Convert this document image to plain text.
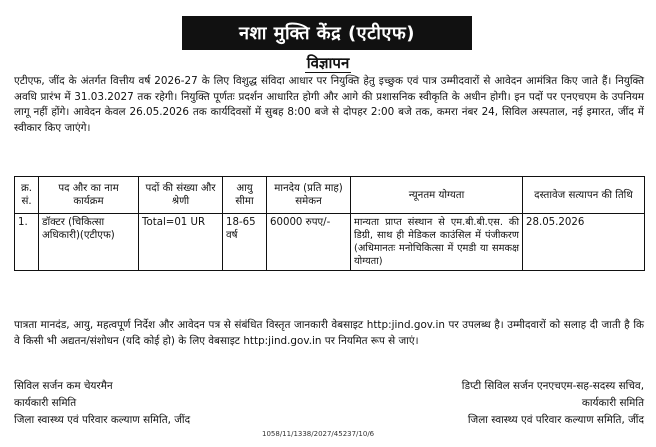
नशा मुक्ति केंद्र (एटीएफ)
विज्ञापन

एटीएफ, जींद के अंतर्गत वित्तीय वर्ष 2026-27 के लिए विशुद्ध संविदा आधार पर नियुक्ति हेतु इच्छुक एवं पात्र उम्मीदवारों से आवेदन आमंत्रित किए जाते हैं। नियुक्ति अवधि प्रारंभ में 31.03.2027 तक रहेगी। नियुक्ति पूर्णतः प्रदर्शन आधारित होगी और आगे की प्रशासनिक स्वीकृति के अधीन होगी। इन पदों पर एनएचएम के उपनियम लागू नहीं होंगे। आवेदन केवल 26.05.2026 तक कार्यदिवसों में सुबह 8:00 बजे से दोपहर 2:00 बजे तक, कमरा नंबर 24, सिविल अस्पताल, नई इमारत, जींद में स्वीकार किए जाएंगे।

क्र. सं.	पद और का नाम कार्यक्रम	पदों की संख्या और श्रेणी	आयु सीमा	मानदेय (प्रति माह) समेकन	न्यूनतम योग्यता	दस्तावेज सत्यापन की तिथि
1.	डॉक्टर (चिकित्सा अधिकारी)(एटीएफ)	Total=01 UR	18-65 वर्ष	60000 रुपए/-	मान्यता प्राप्त संस्थान से एम.बी.बी.एस. की डिग्री, साथ ही मेडिकल काउंसिल में पंजीकरण (अधिमानतः मनोचिकित्सा में एमडी या समकक्ष योग्यता)	28.05.2026

पात्रता मानदंड, आयु, महत्वपूर्ण निर्देश और आवेदन पत्र से संबंधित विस्तृत जानकारी वेबसाइट http:jind.gov.in पर उपलब्ध है। उम्मीदवारों को सलाह दी जाती है कि वे किसी भी अद्यतन/संशोधन (यदि कोई हो) के लिए वेबसाइट http:jind.gov.in पर नियमित रूप से जाएं।

सिविल सर्जन कम चेयरमैन
कार्यकारी समिति
जिला स्वास्थ्य एवं परिवार कल्याण समिति, जींद
डिप्टी सिविल सर्जन एनएचएम-सह-सदस्य सचिव,
कार्यकारी समिति
जिला स्वास्थ्य एवं परिवार कल्याण समिति, जींद
1058/11/1338/2027/45237/10/6
